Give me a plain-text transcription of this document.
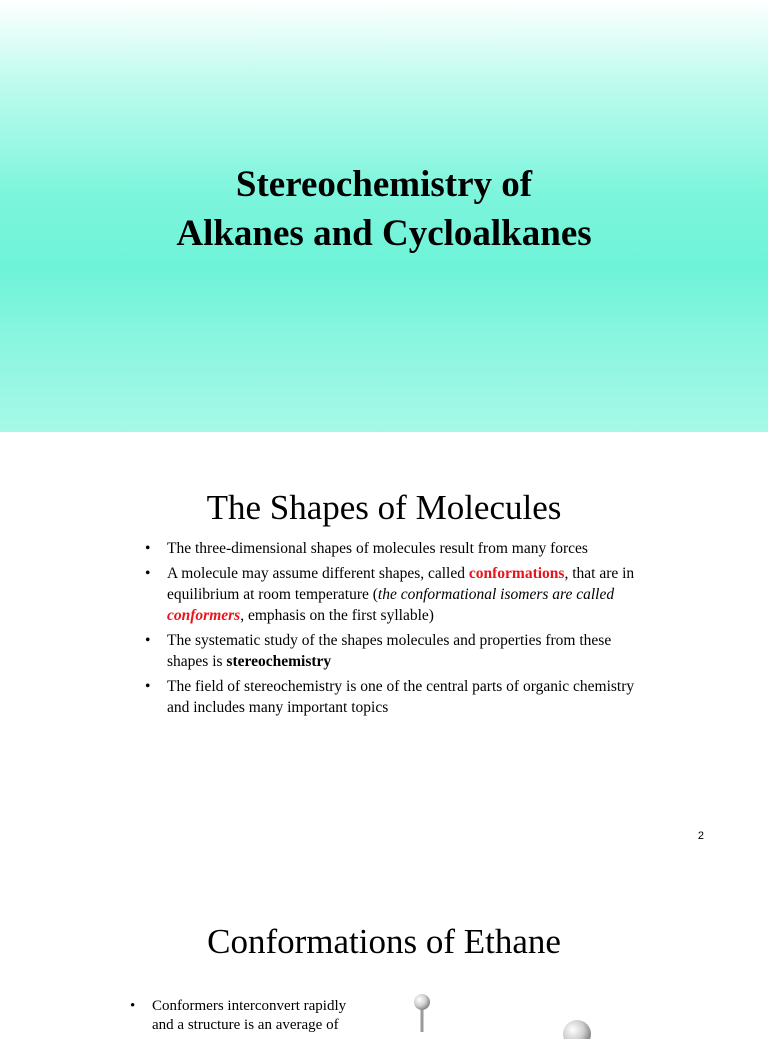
Stereochemistry of
Alkanes and Cycloalkanes
The Shapes of Molecules
• The three-dimensional shapes of molecules result from many forces
• A molecule may assume different shapes, called conformations, that are in equilibrium at room temperature (the conformational isomers are called conformers, emphasis on the first syllable)
• The systematic study of the shapes molecules and properties from these shapes is stereochemistry
• The field of stereochemistry is one of the central parts of organic chemistry and includes many important topics
2
Conformations of Ethane
• Conformers interconvert rapidly and a structure is an average of
